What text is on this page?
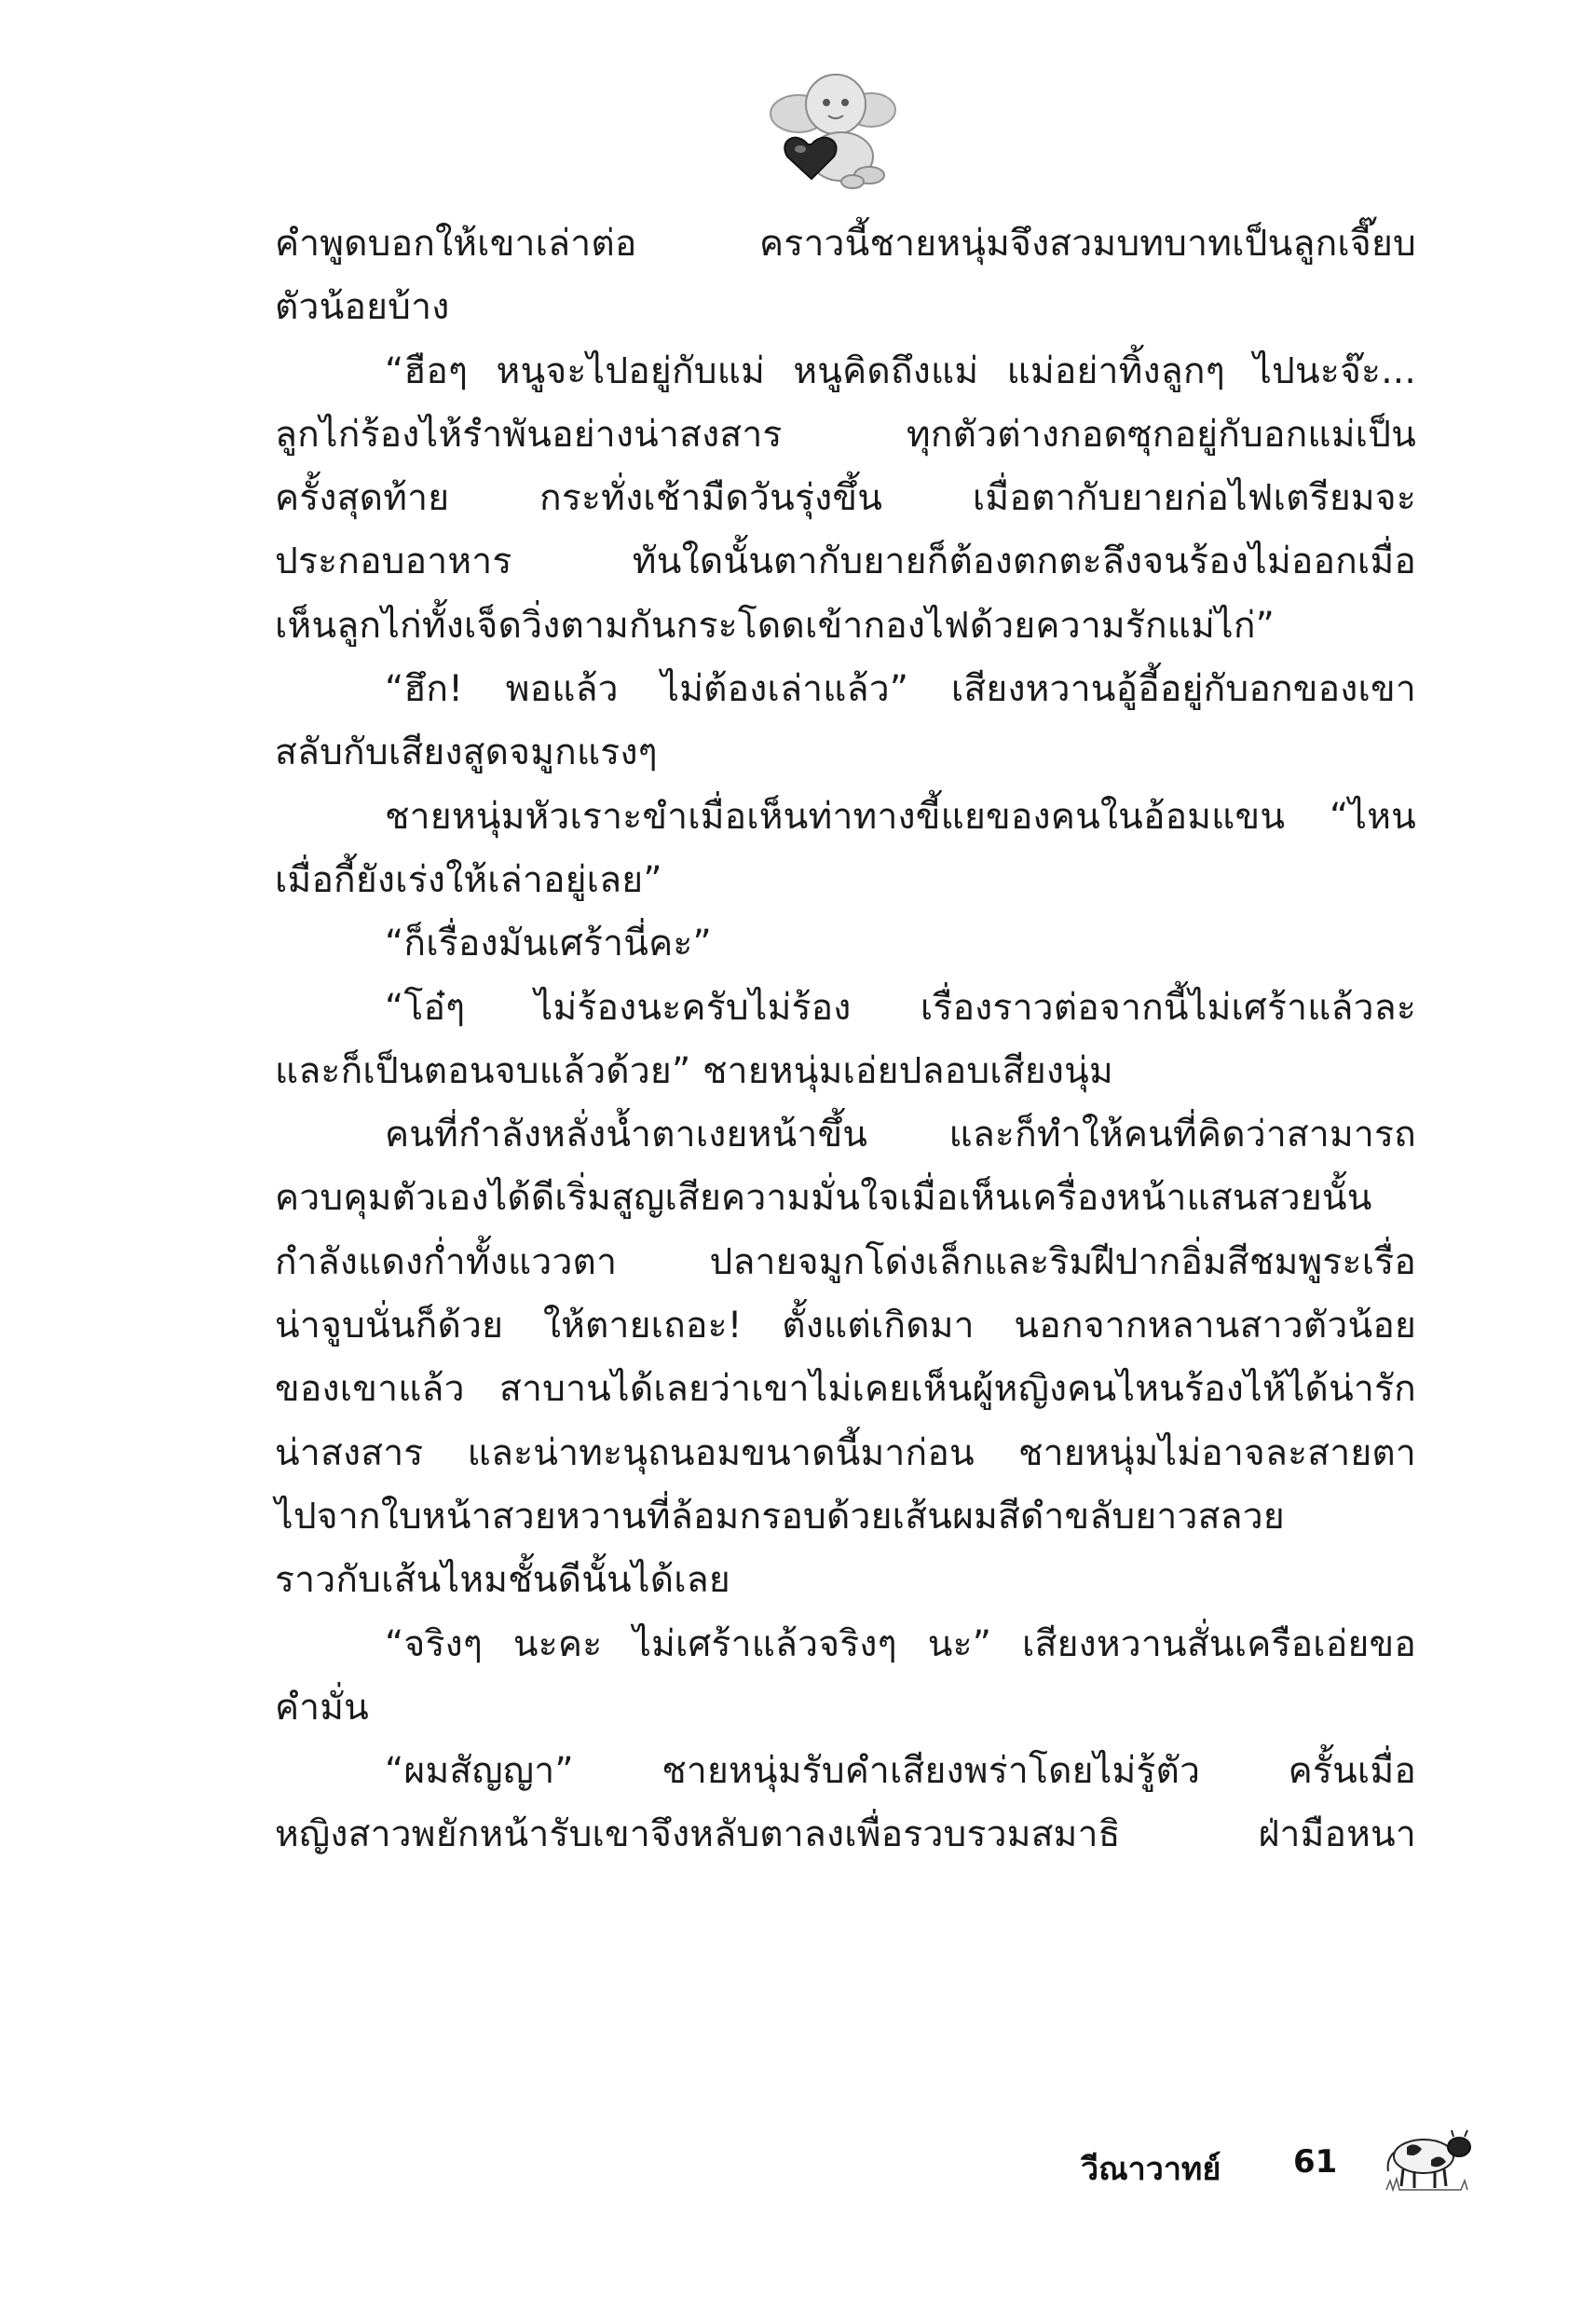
คำพูดบอกให้เขาเล่าต่อ คราวนี้ชายหนุ่มจึงสวมบทบาทเป็นลูกเจี๊ยบ
ตัวน้อยบ้าง
“ฮือๆ หนูจะไปอยู่กับแม่ หนูคิดถึงแม่ แม่อย่าทิ้งลูกๆ ไปนะจ๊ะ...
ลูกไก่ร้องไห้รำพันอย่างน่าสงสาร ทุกตัวต่างกอดซุกอยู่กับอกแม่เป็น
ครั้งสุดท้าย กระทั่งเช้ามืดวันรุ่งขึ้น เมื่อตากับยายก่อไฟเตรียมจะ
ประกอบอาหาร ทันใดนั้นตากับยายก็ต้องตกตะลึงจนร้องไม่ออกเมื่อ
เห็นลูกไก่ทั้งเจ็ดวิ่งตามกันกระโดดเข้ากองไฟด้วยความรักแม่ไก่”
“ฮึก! พอแล้ว ไม่ต้องเล่าแล้ว” เสียงหวานอู้อี้อยู่กับอกของเขา
สลับกับเสียงสูดจมูกแรงๆ
ชายหนุ่มหัวเราะขำเมื่อเห็นท่าทางขี้แยของคนในอ้อมแขน “ไหน
เมื่อกี้ยังเร่งให้เล่าอยู่เลย”
“ก็เรื่องมันเศร้านี่คะ”
“โอ๋ๆ ไม่ร้องนะครับไม่ร้อง เรื่องราวต่อจากนี้ไม่เศร้าแล้วละ
และก็เป็นตอนจบแล้วด้วย” ชายหนุ่มเอ่ยปลอบเสียงนุ่ม
คนที่กำลังหลั่งน้ำตาเงยหน้าขึ้น และก็ทำให้คนที่คิดว่าสามารถ
ควบคุมตัวเองได้ดีเริ่มสูญเสียความมั่นใจเมื่อเห็นเครื่องหน้าแสนสวยนั้น
กำลังแดงก่ำทั้งแววตา ปลายจมูกโด่งเล็กและริมฝีปากอิ่มสีชมพูระเรื่อ
น่าจูบนั่นก็ด้วย ให้ตายเถอะ! ตั้งแต่เกิดมา นอกจากหลานสาวตัวน้อย
ของเขาแล้ว สาบานได้เลยว่าเขาไม่เคยเห็นผู้หญิงคนไหนร้องไห้ได้น่ารัก
น่าสงสาร และน่าทะนุถนอมขนาดนี้มาก่อน ชายหนุ่มไม่อาจละสายตา
ไปจากใบหน้าสวยหวานที่ล้อมกรอบด้วยเส้นผมสีดำขลับยาวสลวย
ราวกับเส้นไหมชั้นดีนั้นได้เลย
“จริงๆ นะคะ ไม่เศร้าแล้วจริงๆ นะ” เสียงหวานสั่นเครือเอ่ยขอ
คำมั่น
“ผมสัญญา” ชายหนุ่มรับคำเสียงพร่าโดยไม่รู้ตัว ครั้นเมื่อ
หญิงสาวพยักหน้ารับเขาจึงหลับตาลงเพื่อรวบรวมสมาธิ ฝ่ามือหนา
วีณาวาทย์ 61
